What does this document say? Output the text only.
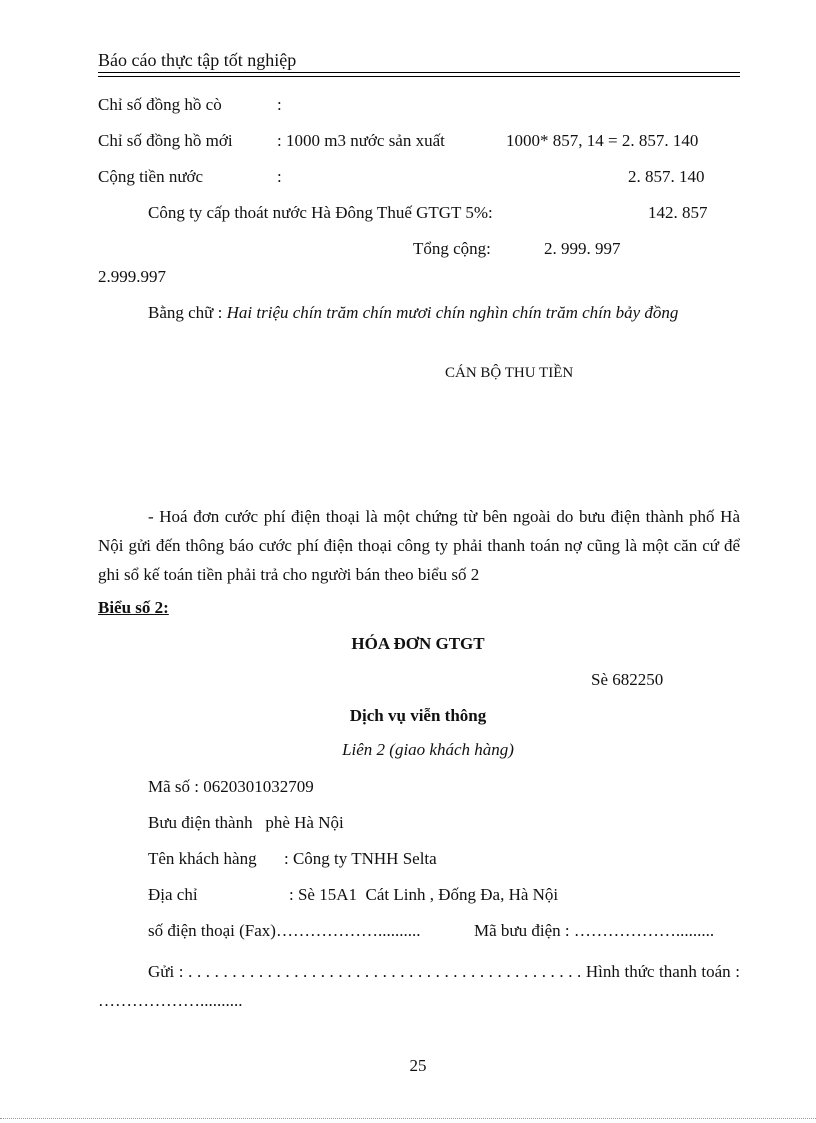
Báo cáo thực tập tốt nghiệp
Chỉ số đồng hồ cò	:
Chỉ số đồng hồ mới	: 1000 m3 nước sản xuất	1000* 857, 14 = 2. 857. 140
Cộng tiền nước	:	2. 857. 140
Công ty cấp thoát nước Hà Đông Thuế GTGT 5%:	142. 857
Tổng cộng:	2. 999. 997
2.999.997
Bằng chữ : Hai triệu chín trăm chín mươi chín nghìn chín trăm chín bảy đồng
CÁN BỘ THU TIỀN
- Hoá đơn cước phí điện thoại là một chứng từ bên ngoài do bưu điện thành phố Hà Nội gửi đến thông báo cước phí điện thoại công ty phải thanh toán nợ cũng là một căn cứ để ghi sổ kế toán tiền phải trả cho người bán theo biểu số 2
Biểu số 2:
HÓA ĐƠN GTGT
Sè 682250
Dịch vụ viễn thông
Liên 2 (giao khách hàng)
Mã số : 0620301032709
Bưu điện thành   phè Hà Nội
Tên khách hàng : Công ty TNHH Selta
Địa chỉ	: Sè 15A1  Cát Linh , Đống Đa, Hà Nội
số điện thoại (Fax)………………..........	Mã bưu điện : ……………….........
Gửi : . . . . . . . . . . . . . . . . . . . . . . . . . . . . . . . . . . . . . . . . . . . . . Hình thức thanh toán : ………………..........
25
